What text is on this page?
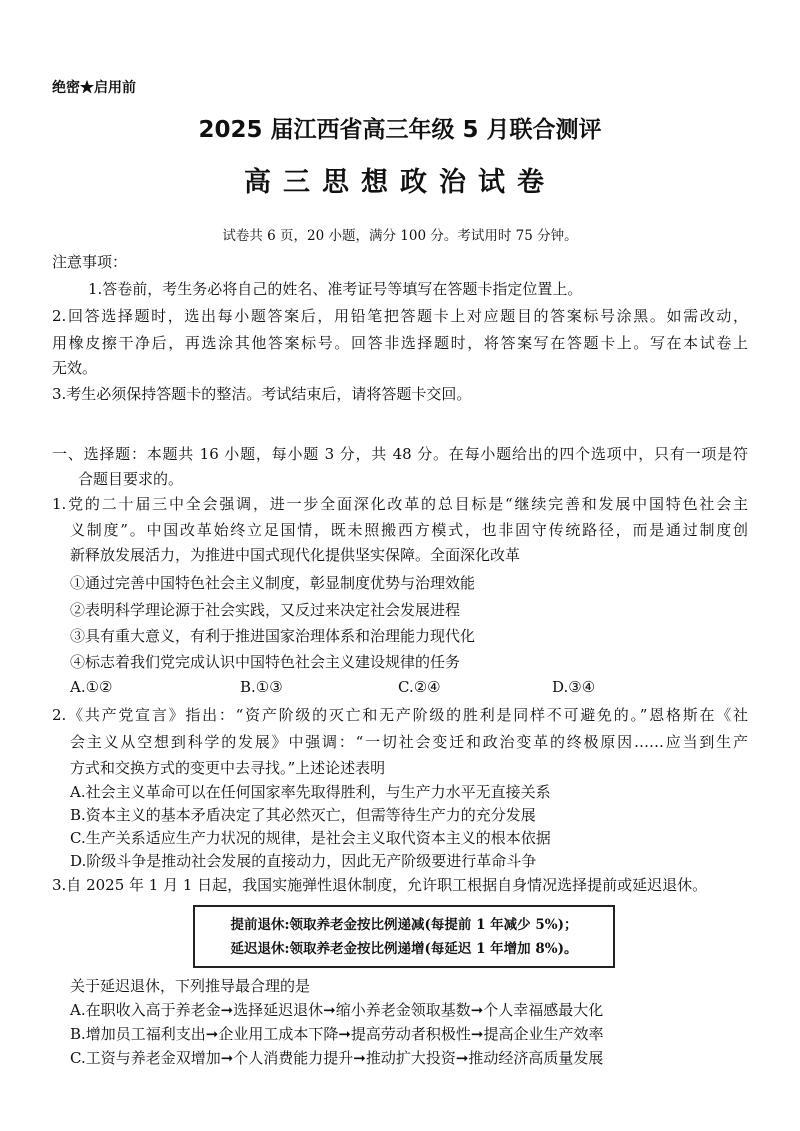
绝密★启用前
2025 届江西省高三年级 5 月联合测评
高三思想政治试卷
试卷共 6 页，20 小题，满分 100 分。考试用时 75 分钟。
注意事项：
1.答卷前，考生务必将自己的姓名、准考证号等填写在答题卡指定位置上。
2.回答选择题时，选出每小题答案后，用铅笔把答题卡上对应题目的答案标号涂黑。如需改动，
用橡皮擦干净后，再选涂其他答案标号。回答非选择题时，将答案写在答题卡上。写在本试卷上
无效。
3.考生必须保持答题卡的整洁。考试结束后，请将答题卡交回。
一、选择题：本题共 16 小题，每小题 3 分，共 48 分。在每小题给出的四个选项中，只有一项是符
合题目要求的。
1.党的二十届三中全会强调，进一步全面深化改革的总目标是“继续完善和发展中国特色社会主
义制度”。中国改革始终立足国情，既未照搬西方模式，也非固守传统路径，而是通过制度创
新释放发展活力，为推进中国式现代化提供坚实保障。全面深化改革
①通过完善中国特色社会主义制度，彰显制度优势与治理效能
②表明科学理论源于社会实践，又反过来决定社会发展进程
③具有重大意义，有利于推进国家治理体系和治理能力现代化
④标志着我们党完成认识中国特色社会主义建设规律的任务
A.①②	B.①③	C.②④	D.③④
2.《共产党宣言》指出：“资产阶级的灭亡和无产阶级的胜利是同样不可避免的。”恩格斯在《社
会主义从空想到科学的发展》中强调：“一切社会变迁和政治变革的终极原因……应当到生产
方式和交换方式的变更中去寻找。”上述论述表明
A.社会主义革命可以在任何国家率先取得胜利，与生产力水平无直接关系
B.资本主义的基本矛盾决定了其必然灭亡，但需等待生产力的充分发展
C.生产关系适应生产力状况的规律，是社会主义取代资本主义的根本依据
D.阶级斗争是推动社会发展的直接动力，因此无产阶级要进行革命斗争
3.自 2025 年 1 月 1 日起，我国实施弹性退休制度，允许职工根据自身情况选择提前或延迟退休。
提前退休:领取养老金按比例递减(每提前 1 年减少 5%)；
延迟退休:领取养老金按比例递增(每延迟 1 年增加 8%)。
关于延迟退休，下列推导最合理的是
A.在职收入高于养老金➞选择延迟退休➞缩小养老金领取基数➞个人幸福感最大化
B.增加员工福利支出➞企业用工成本下降➞提高劳动者积极性➞提高企业生产效率
C.工资与养老金双增加➞个人消费能力提升➞推动扩大投资➞推动经济高质量发展
